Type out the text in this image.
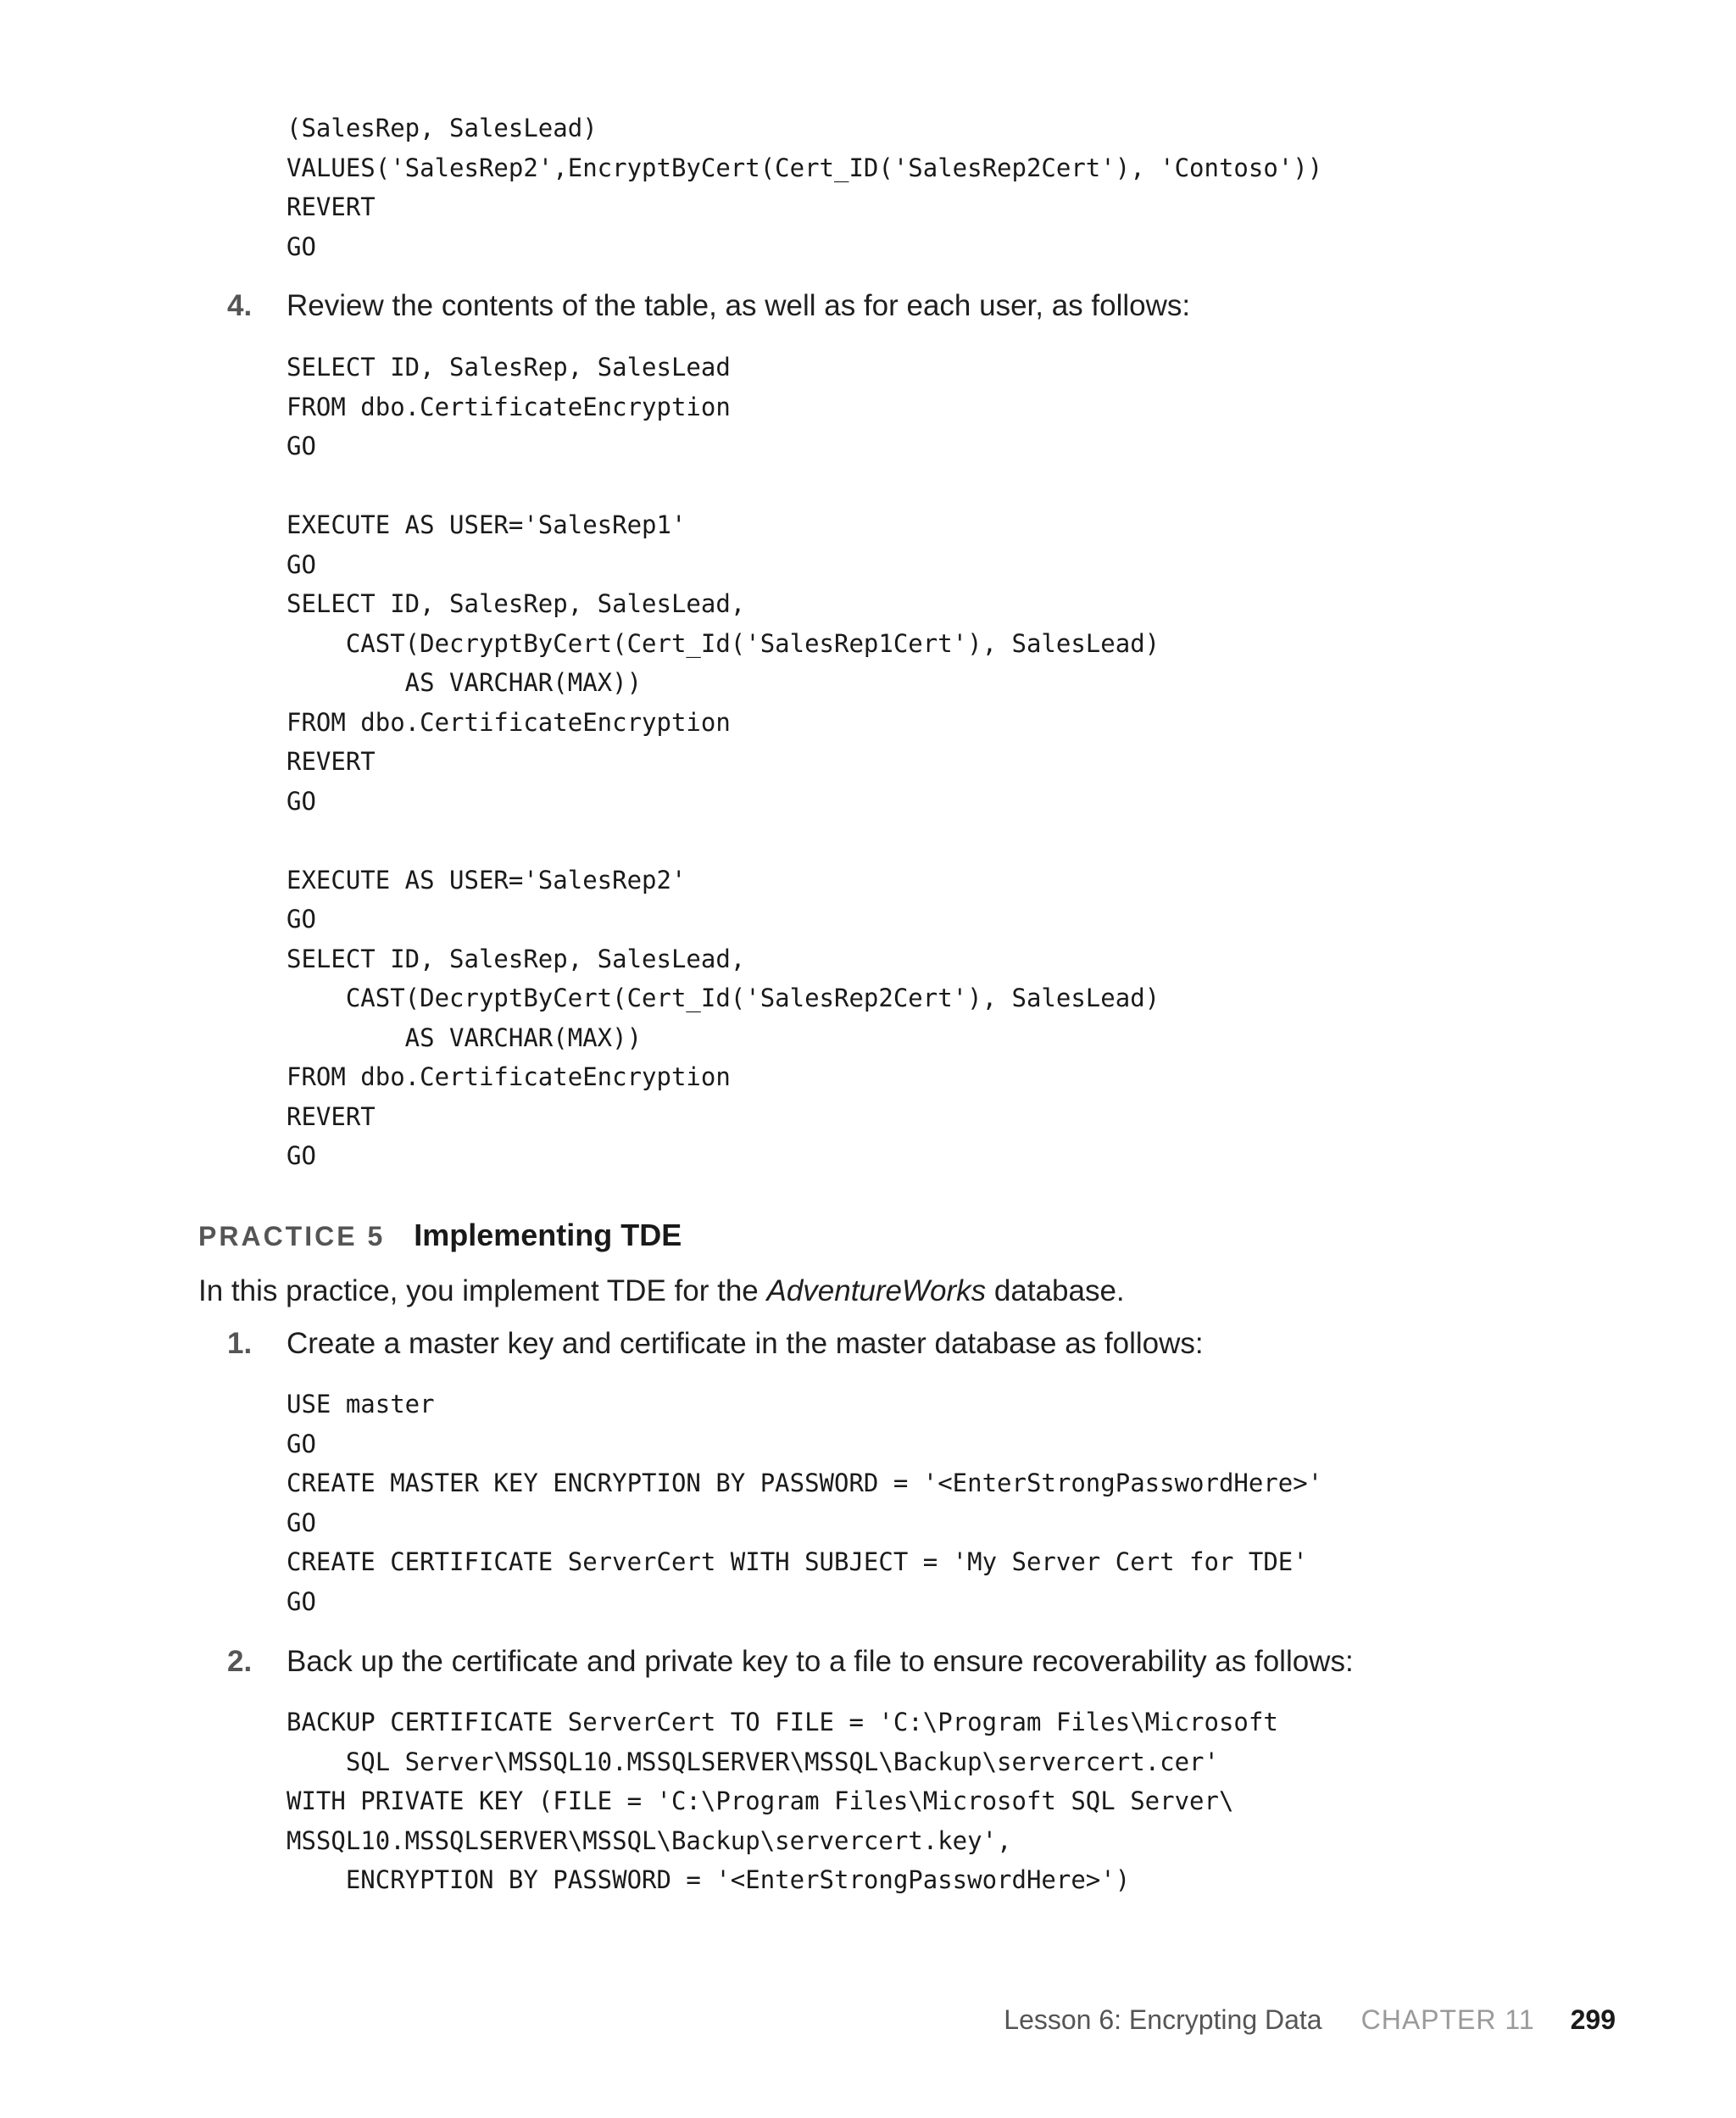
(SalesRep, SalesLead)
VALUES('SalesRep2',EncryptByCert(Cert_ID('SalesRep2Cert'), 'Contoso'))
REVERT
GO
4. Review the contents of the table, as well as for each user, as follows:
SELECT ID, SalesRep, SalesLead
FROM dbo.CertificateEncryption
GO

EXECUTE AS USER='SalesRep1'
GO
SELECT ID, SalesRep, SalesLead,
CAST(DecryptByCert(Cert_Id('SalesRep1Cert'), SalesLead)
AS VARCHAR(MAX))
FROM dbo.CertificateEncryption
REVERT
GO

EXECUTE AS USER='SalesRep2'
GO
SELECT ID, SalesRep, SalesLead,
CAST(DecryptByCert(Cert_Id('SalesRep2Cert'), SalesLead)
AS VARCHAR(MAX))
FROM dbo.CertificateEncryption
REVERT
GO
PRACTICE 5 Implementing TDE
In this practice, you implement TDE for the AdventureWorks database.
1. Create a master key and certificate in the master database as follows:
USE master
GO
CREATE MASTER KEY ENCRYPTION BY PASSWORD = '<EnterStrongPasswordHere>'
GO
CREATE CERTIFICATE ServerCert WITH SUBJECT = 'My Server Cert for TDE'
GO
2. Back up the certificate and private key to a file to ensure recoverability as follows:
BACKUP CERTIFICATE ServerCert TO FILE = 'C:\Program Files\Microsoft
SQL Server\MSSQL10.MSSQLSERVER\MSSQL\Backup\servercert.cer'
WITH PRIVATE KEY (FILE = 'C:\Program Files\Microsoft SQL Server\
MSSQL10.MSSQLSERVER\MSSQL\Backup\servercert.key',
ENCRYPTION BY PASSWORD = '<EnterStrongPasswordHere>')
Lesson 6: Encrypting Data CHAPTER 11 299
